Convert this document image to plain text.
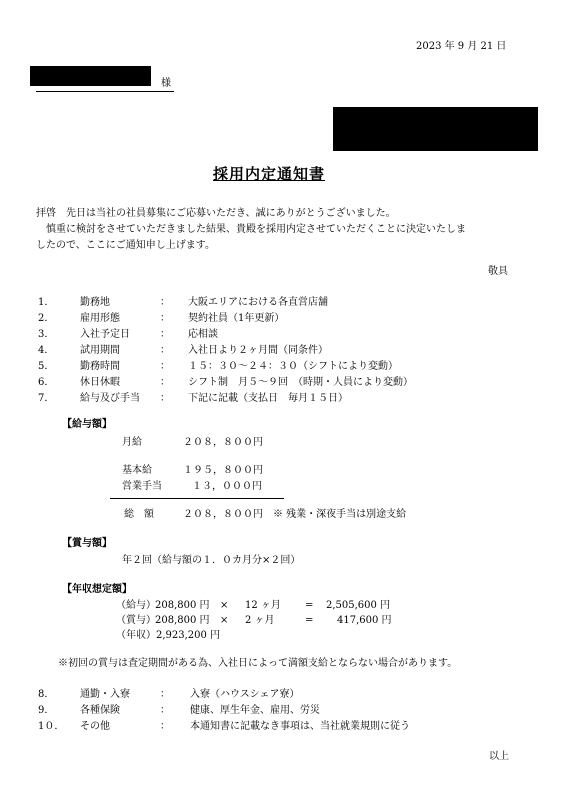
2023 年 9 月 21 日
様
採用内定通知書
拝啓　先日は当社の社員募集にご応募いただき、誠にありがとうございました。
　慎重に検討をさせていただきました結果、貴殿を採用内定させていただくことに決定いたしま
したので、ここにご通知申し上げます。
敬具
1．	勤務地	： 大阪エリアにおける各直営店舗
2．	雇用形態	： 契約社員（1年更新）
3．	入社予定日	： 応相談
4．	試用期間	： 入社日より２ヶ月間（同条件）
5．	勤務時間	： １５：３０～２４：３０（シフトにより変動）
6．	休日休暇	： シフト制　月５～９回　（時期・人員により変動）
7．	給与及び手当 ： 下記に記載（支払日　毎月１５日）
【給与額】
月給	２０８，８００円
基本給	１９５，８００円
営業手当	１３，０００円
総　額	２０８，８００円 ※ 残業・深夜手当は別途支給
【賞与額】
年２回（給与額の１．０カ月分×２回）
【年収想定額】
（給与） 208,800 円 × 12 ヶ月 = 2,505,600 円
（賞与） 208,800 円 × 2 ヶ月	= 417,600 円
（年収）2,923,200 円
※初回の賞与は査定期間がある為、入社日によって満額支給とならない場合があります。
8．	通勤・入寮	： 入寮（ハウスシェア寮）
9．	各種保険	： 健康、厚生年金、雇用、労災
1０． その他	： 本通知書に記載なき事項は、当社就業規則に従う
以上
